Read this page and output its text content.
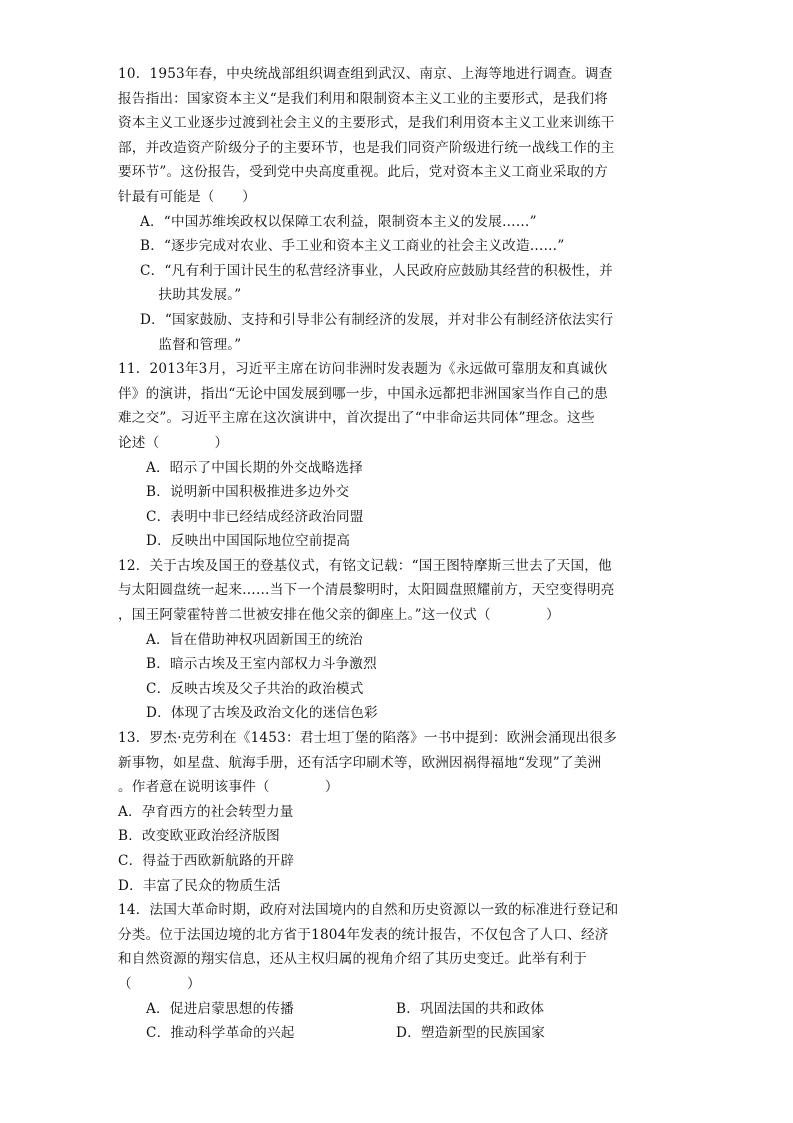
10．1953年春，中央统战部组织调查组到武汉、南京、上海等地进行调查。调查
报告指出：国家资本主义“是我们利用和限制资本主义工业的主要形式，是我们将
资本主义工业逐步过渡到社会主义的主要形式，是我们利用资本主义工业来训练干
部，并改造资产阶级分子的主要环节，也是我们同资产阶级进行统一战线工作的主
要环节”。这份报告，受到党中央高度重视。此后，党对资本主义工商业采取的方
针最有可能是（　　）
A．“中国苏维埃政权以保障工农利益，限制资本主义的发展……”
B．“逐步完成对农业、手工业和资本主义工商业的社会主义改造……”
C．“凡有利于国计民生的私营经济事业，人民政府应鼓励其经营的积极性，并
　 扶助其发展。”
D．“国家鼓励、支持和引导非公有制经济的发展，并对非公有制经济依法实行
　 监督和管理。”
11．2013年3月，习近平主席在访问非洲时发表题为《永远做可靠朋友和真诚伙
伴》的演讲，指出“无论中国发展到哪一步，中国永远都把非洲国家当作自己的患
难之交”。习近平主席在这次演讲中，首次提出了“中非命运共同体”理念。这些
论述（　　　　）
A．昭示了中国长期的外交战略选择
B．说明新中国积极推进多边外交
C．表明中非已经结成经济政治同盟
D．反映出中国国际地位空前提高
12．关于古埃及国王的登基仪式，有铭文记载：“国王图特摩斯三世去了天国，他
与太阳圆盘统一起来……当下一个清晨黎明时，太阳圆盘照耀前方，天空变得明亮
，国王阿蒙霍特普二世被安排在他父亲的御座上。”这一仪式（　　　　）
A．旨在借助神权巩固新国王的统治
B．暗示古埃及王室内部权力斗争激烈
C．反映古埃及父子共治的政治模式
D．体现了古埃及政治文化的迷信色彩
13．罗杰·克劳利在《1453：君士坦丁堡的陷落》一书中提到：欧洲会涌现出很多
新事物，如星盘、航海手册，还有活字印刷术等，欧洲因祸得福地“发现”了美洲
。作者意在说明该事件（　　　　）
A．孕育西方的社会转型力量
B．改变欧亚政治经济版图
C．得益于西欧新航路的开辟
D．丰富了民众的物质生活
14．法国大革命时期，政府对法国境内的自然和历史资源以一致的标准进行登记和
分类。位于法国边境的北方省于1804年发表的统计报告，不仅包含了人口、经济
和自然资源的翔实信息，还从主权归属的视角介绍了其历史变迁。此举有利于
（　　　　）
A．促进启蒙思想的传播	B．巩固法国的共和政体
C．推动科学革命的兴起	D．塑造新型的民族国家
